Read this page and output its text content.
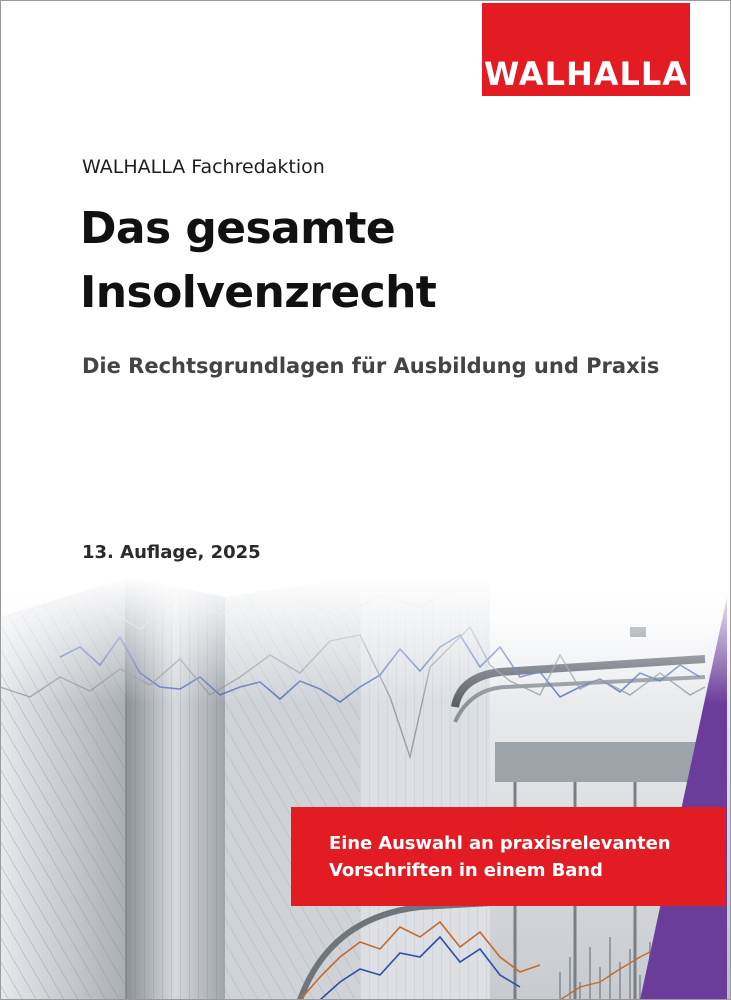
WALHALLA
WALHALLA Fachredaktion
Das gesamte
Insolvenzrecht
Die Rechtsgrundlagen für Ausbildung und Praxis
13. Auflage, 2025
Eine Auswahl an praxisrelevanten
Vorschriften in einem Band
